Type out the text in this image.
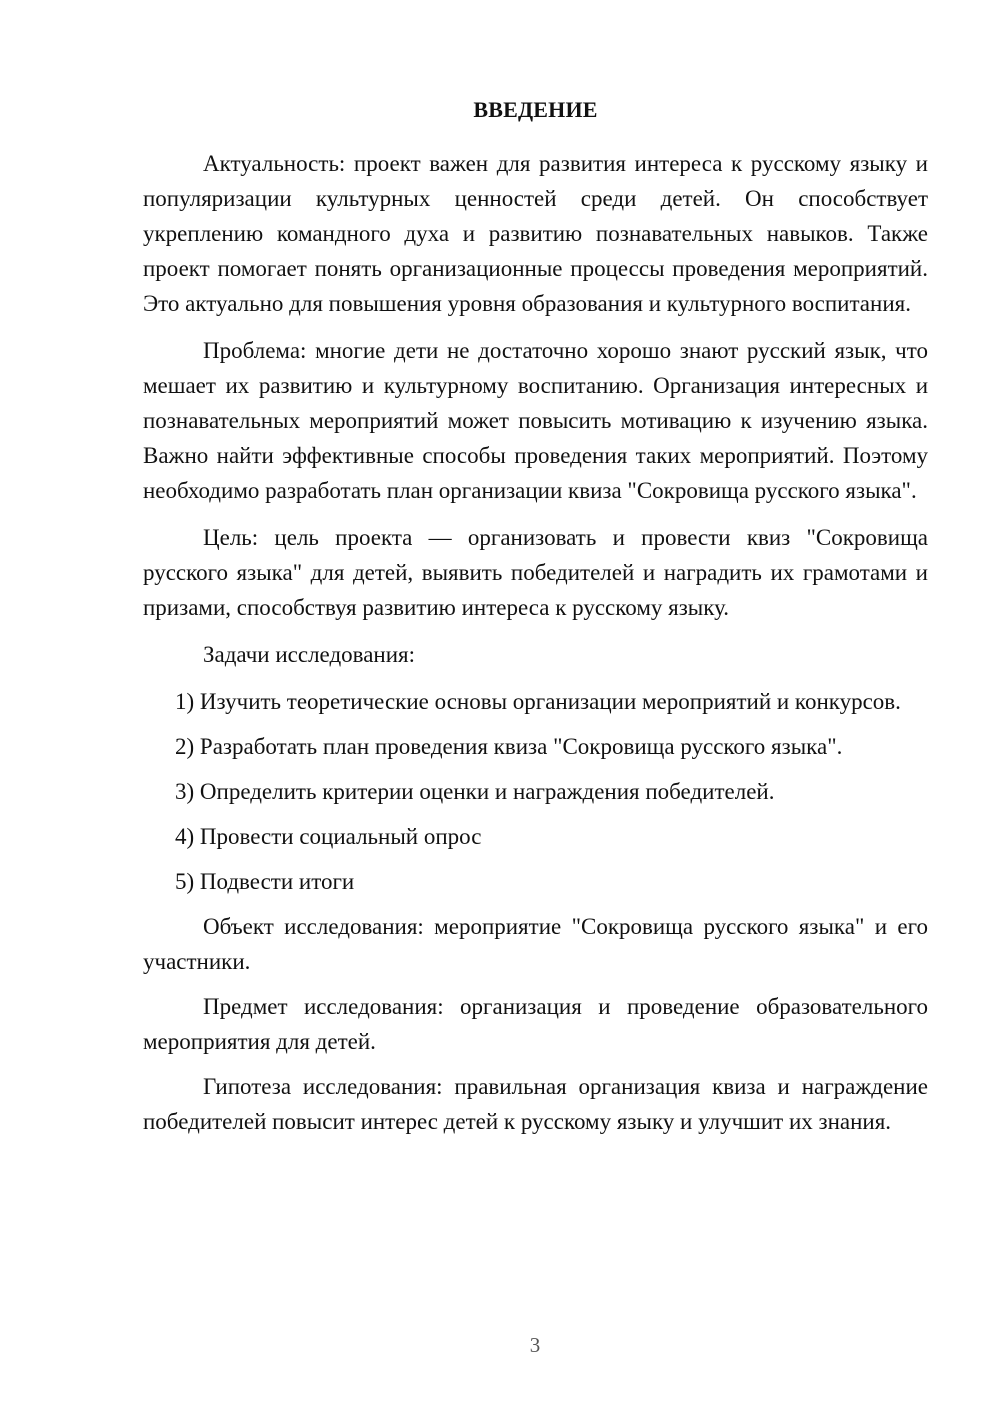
ВВЕДЕНИЕ

Актуальность: проект важен для развития интереса к русскому языку и популяризации культурных ценностей среди детей. Он способствует укреплению командного духа и развитию познавательных навыков. Также проект помогает понять организационные процессы проведения мероприятий. Это актуально для повышения уровня образования и культурного воспитания.

Проблема: многие дети не достаточно хорошо знают русский язык, что мешает их развитию и культурному воспитанию. Организация интересных и познавательных мероприятий может повысить мотивацию к изучению языка. Важно найти эффективные способы проведения таких мероприятий. Поэтому необходимо разработать план организации квиза "Сокровища русского языка".

Цель: цель проекта — организовать и провести квиз "Сокровища русского языка" для детей, выявить победителей и наградить их грамотами и призами, способствуя развитию интереса к русскому языку.

Задачи исследования:

1) Изучить теоретические основы организации мероприятий и конкурсов.

2) Разработать план проведения квиза "Сокровища русского языка".

3) Определить критерии оценки и награждения победителей.

4) Провести социальный опрос

5) Подвести итоги

Объект исследования: мероприятие "Сокровища русского языка" и его участники.

Предмет исследования: организация и проведение образовательного мероприятия для детей.

Гипотеза исследования: правильная организация квиза и награждение победителей повысит интерес детей к русскому языку и улучшит их знания.

3
